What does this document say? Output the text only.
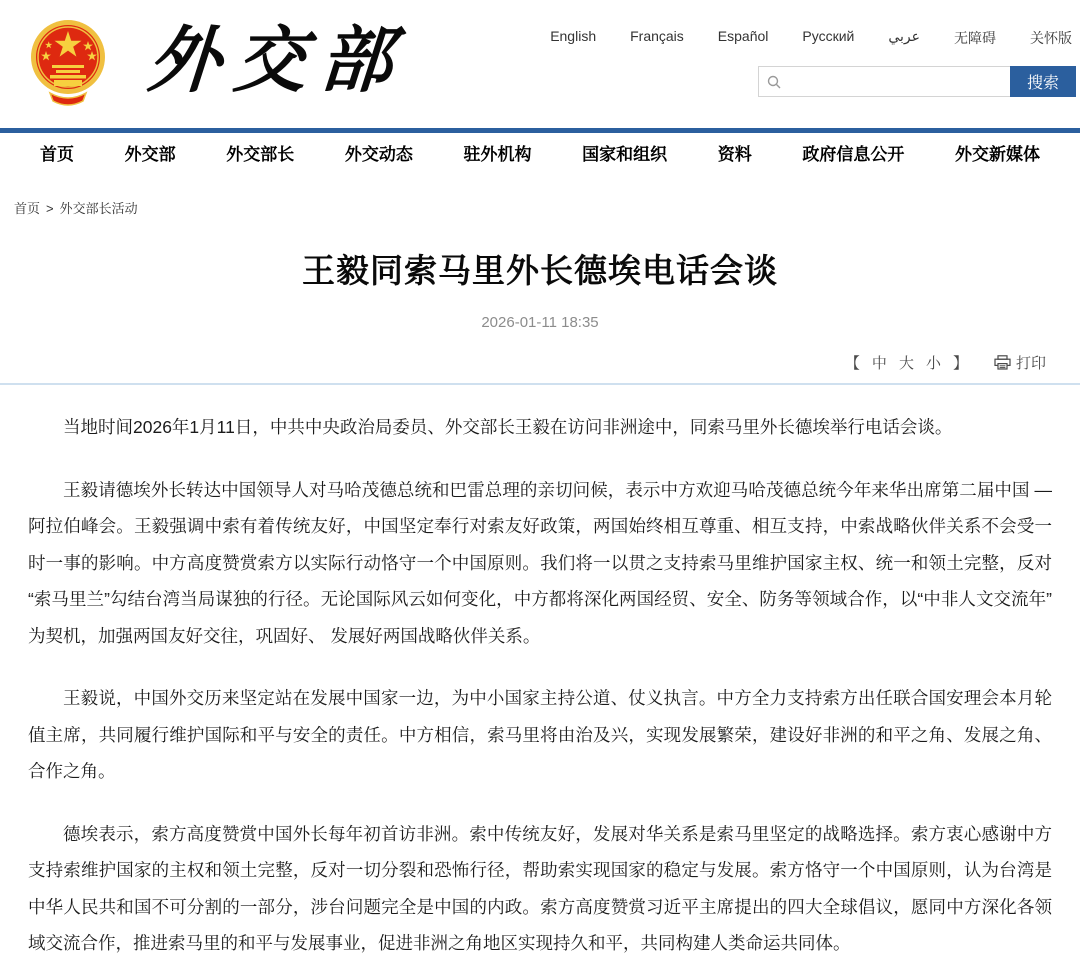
外交部	English Français Español Русский عربي 无障碍 关怀版
搜索
首页	外交部	外交部长	外交动态	驻外机构	国家和组织	资料	政府信息公开	外交新媒体
首页 > 外交部长活动
王毅同索马里外长德埃电话会谈
2026-01-11 18:35
【 中 大 小 】	打印

当地时间2026年1月11日，中共中央政治局委员、外交部长王毅在访问非洲途中，同索马里外长德埃举行电话会谈。

王毅请德埃外长转达中国领导人对马哈茂德总统和巴雷总理的亲切问候，表示中方欢迎马哈茂德总统今年来华出席第二届中国 —阿拉伯峰会。王毅强调中索有着传统友好，中国坚定奉行对索友好政策，两国始终相互尊重、相互支持，中索战略伙伴关系不会受一时一事的影响。中方高度赞赏索方以实际行动恪守一个中国原则。我们将一以贯之支持索马里维护国家主权、统一和领土完整，反对“索马里兰”勾结台湾当局谋独的行径。无论国际风云如何变化，中方都将深化两国经贸、安全、防务等领域合作，以“中非人文交流年”为契机，加强两国友好交往，巩固好、 发展好两国战略伙伴关系。

王毅说，中国外交历来坚定站在发展中国家一边，为中小国家主持公道、仗义执言。中方全力支持索方出任联合国安理会本月轮值主席，共同履行维护国际和平与安全的责任。中方相信，索马里将由治及兴，实现发展繁荣，建设好非洲的和平之角、发展之角、合作之角。

德埃表示，索方高度赞赏中国外长每年初首访非洲。索中传统友好，发展对华关系是索马里坚定的战略选择。索方衷心感谢中方支持索维护国家的主权和领土完整，反对一切分裂和恐怖行径，帮助索实现国家的稳定与发展。索方恪守一个中国原则，认为台湾是中华人民共和国不可分割的一部分，涉台问题完全是中国的内政。索方高度赞赏习近平主席提出的四大全球倡议，愿同中方深化各领域交流合作，推进索马里的和平与发展事业，促进非洲之角地区实现持久和平，共同构建人类命运共同体。
